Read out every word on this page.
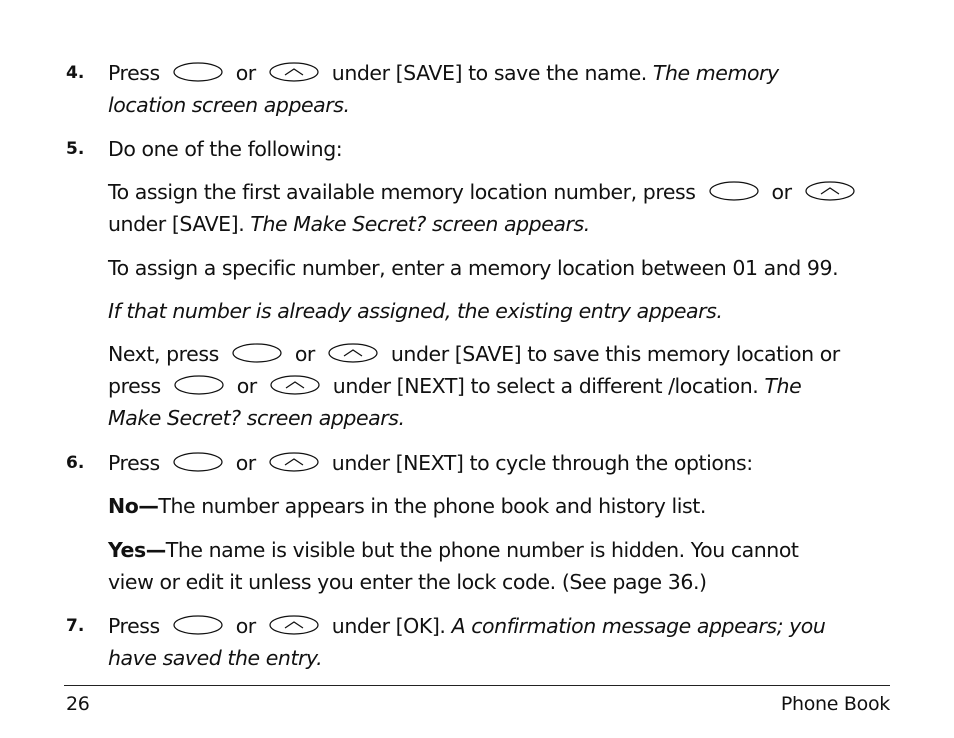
4. Press	or	under [SAVE] to save the name. The memory
location screen appears.
5. Do one of the following:
To assign the first available memory location number, press	or
under [SAVE]. The Make Secret? screen appears.
To assign a specific number, enter a memory location between 01 and 99.
If that number is already assigned, the existing entry appears.
Next, press	or	under [SAVE] to save this memory location or
press	or	under [NEXT] to select a different /location. The
Make Secret? screen appears.
6. Press	or	under [NEXT] to cycle through the options:
No—The number appears in the phone book and history list.
Yes—The name is visible but the phone number is hidden. You cannot
view or edit it unless you enter the lock code. (See page 36.)
7. Press	or	under [OK]. A confirmation message appears; you
have saved the entry.
26	Phone Book
